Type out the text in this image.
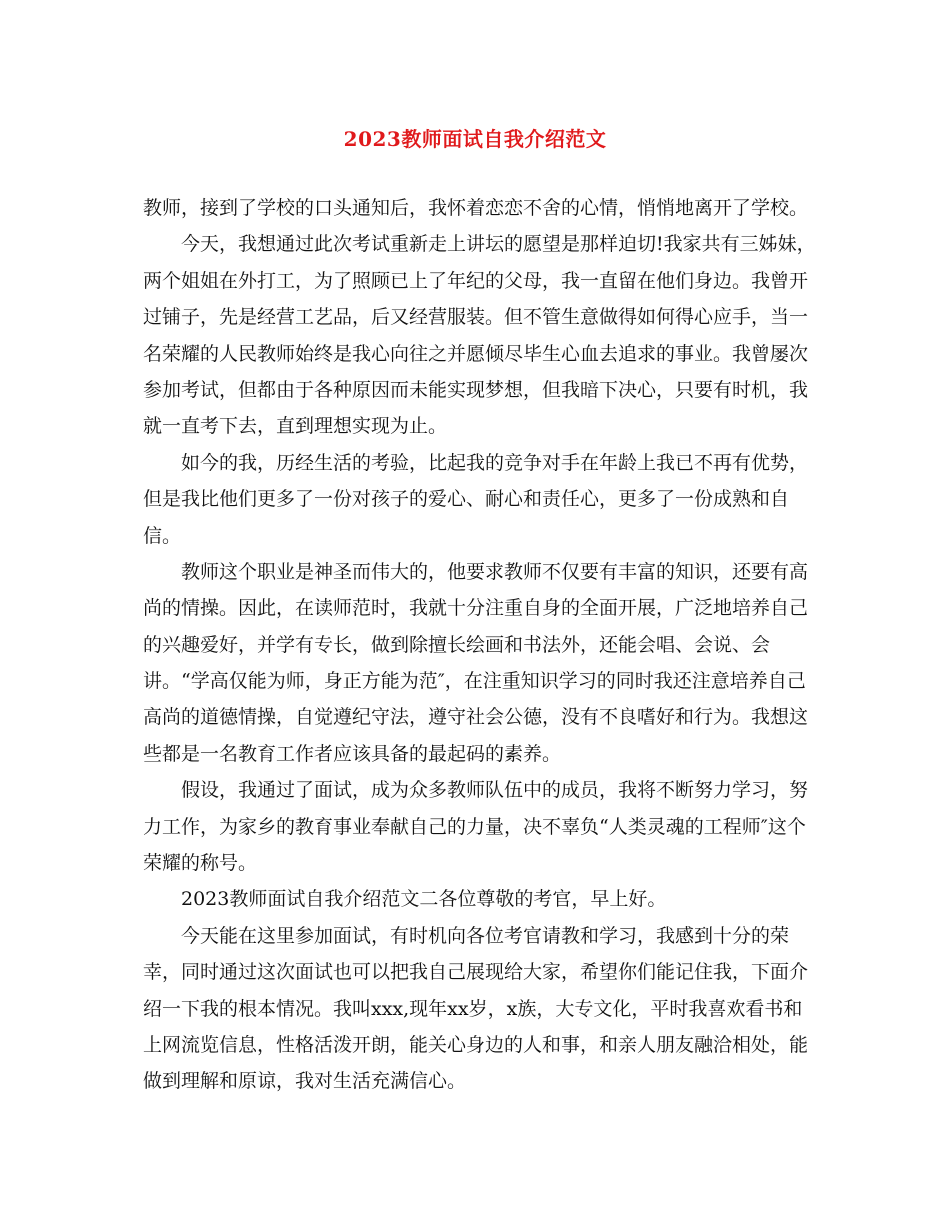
2023教师面试自我介绍范文
教师，接到了学校的口头通知后，我怀着恋恋不舍的心情，悄悄地离开了学校。
今天，我想通过此次考试重新走上讲坛的愿望是那样迫切!我家共有三姊妹，
两个姐姐在外打工，为了照顾已上了年纪的父母，我一直留在他们身边。我曾开
过铺子，先是经营工艺品，后又经营服装。但不管生意做得如何得心应手，当一
名荣耀的人民教师始终是我心向往之并愿倾尽毕生心血去追求的事业。我曾屡次
参加考试，但都由于各种原因而未能实现梦想，但我暗下决心，只要有时机，我
就一直考下去，直到理想实现为止。
如今的我，历经生活的考验，比起我的竞争对手在年龄上我已不再有优势，
但是我比他们更多了一份对孩子的爱心、耐心和责任心，更多了一份成熟和自
信。
教师这个职业是神圣而伟大的，他要求教师不仅要有丰富的知识，还要有高
尚的情操。因此，在读师范时，我就十分注重自身的全面开展，广泛地培养自己
的兴趣爱好，并学有专长，做到除擅长绘画和书法外，还能会唱、会说、会
讲。“学高仅能为师，身正方能为范″，在注重知识学习的同时我还注意培养自己
高尚的道德情操，自觉遵纪守法，遵守社会公德，没有不良嗜好和行为。我想这
些都是一名教育工作者应该具备的最起码的素养。
假设，我通过了面试，成为众多教师队伍中的成员，我将不断努力学习，努
力工作，为家乡的教育事业奉献自己的力量，决不辜负“人类灵魂的工程师″这个
荣耀的称号。
2023教师面试自我介绍范文二各位尊敬的考官，早上好。
今天能在这里参加面试，有时机向各位考官请教和学习，我感到十分的荣
幸，同时通过这次面试也可以把我自己展现给大家，希望你们能记住我，下面介
绍一下我的根本情况。我叫xxx,现年xx岁，x族，大专文化，平时我喜欢看书和
上网流览信息，性格活泼开朗，能关心身边的人和事，和亲人朋友融洽相处，能
做到理解和原谅，我对生活充满信心。
